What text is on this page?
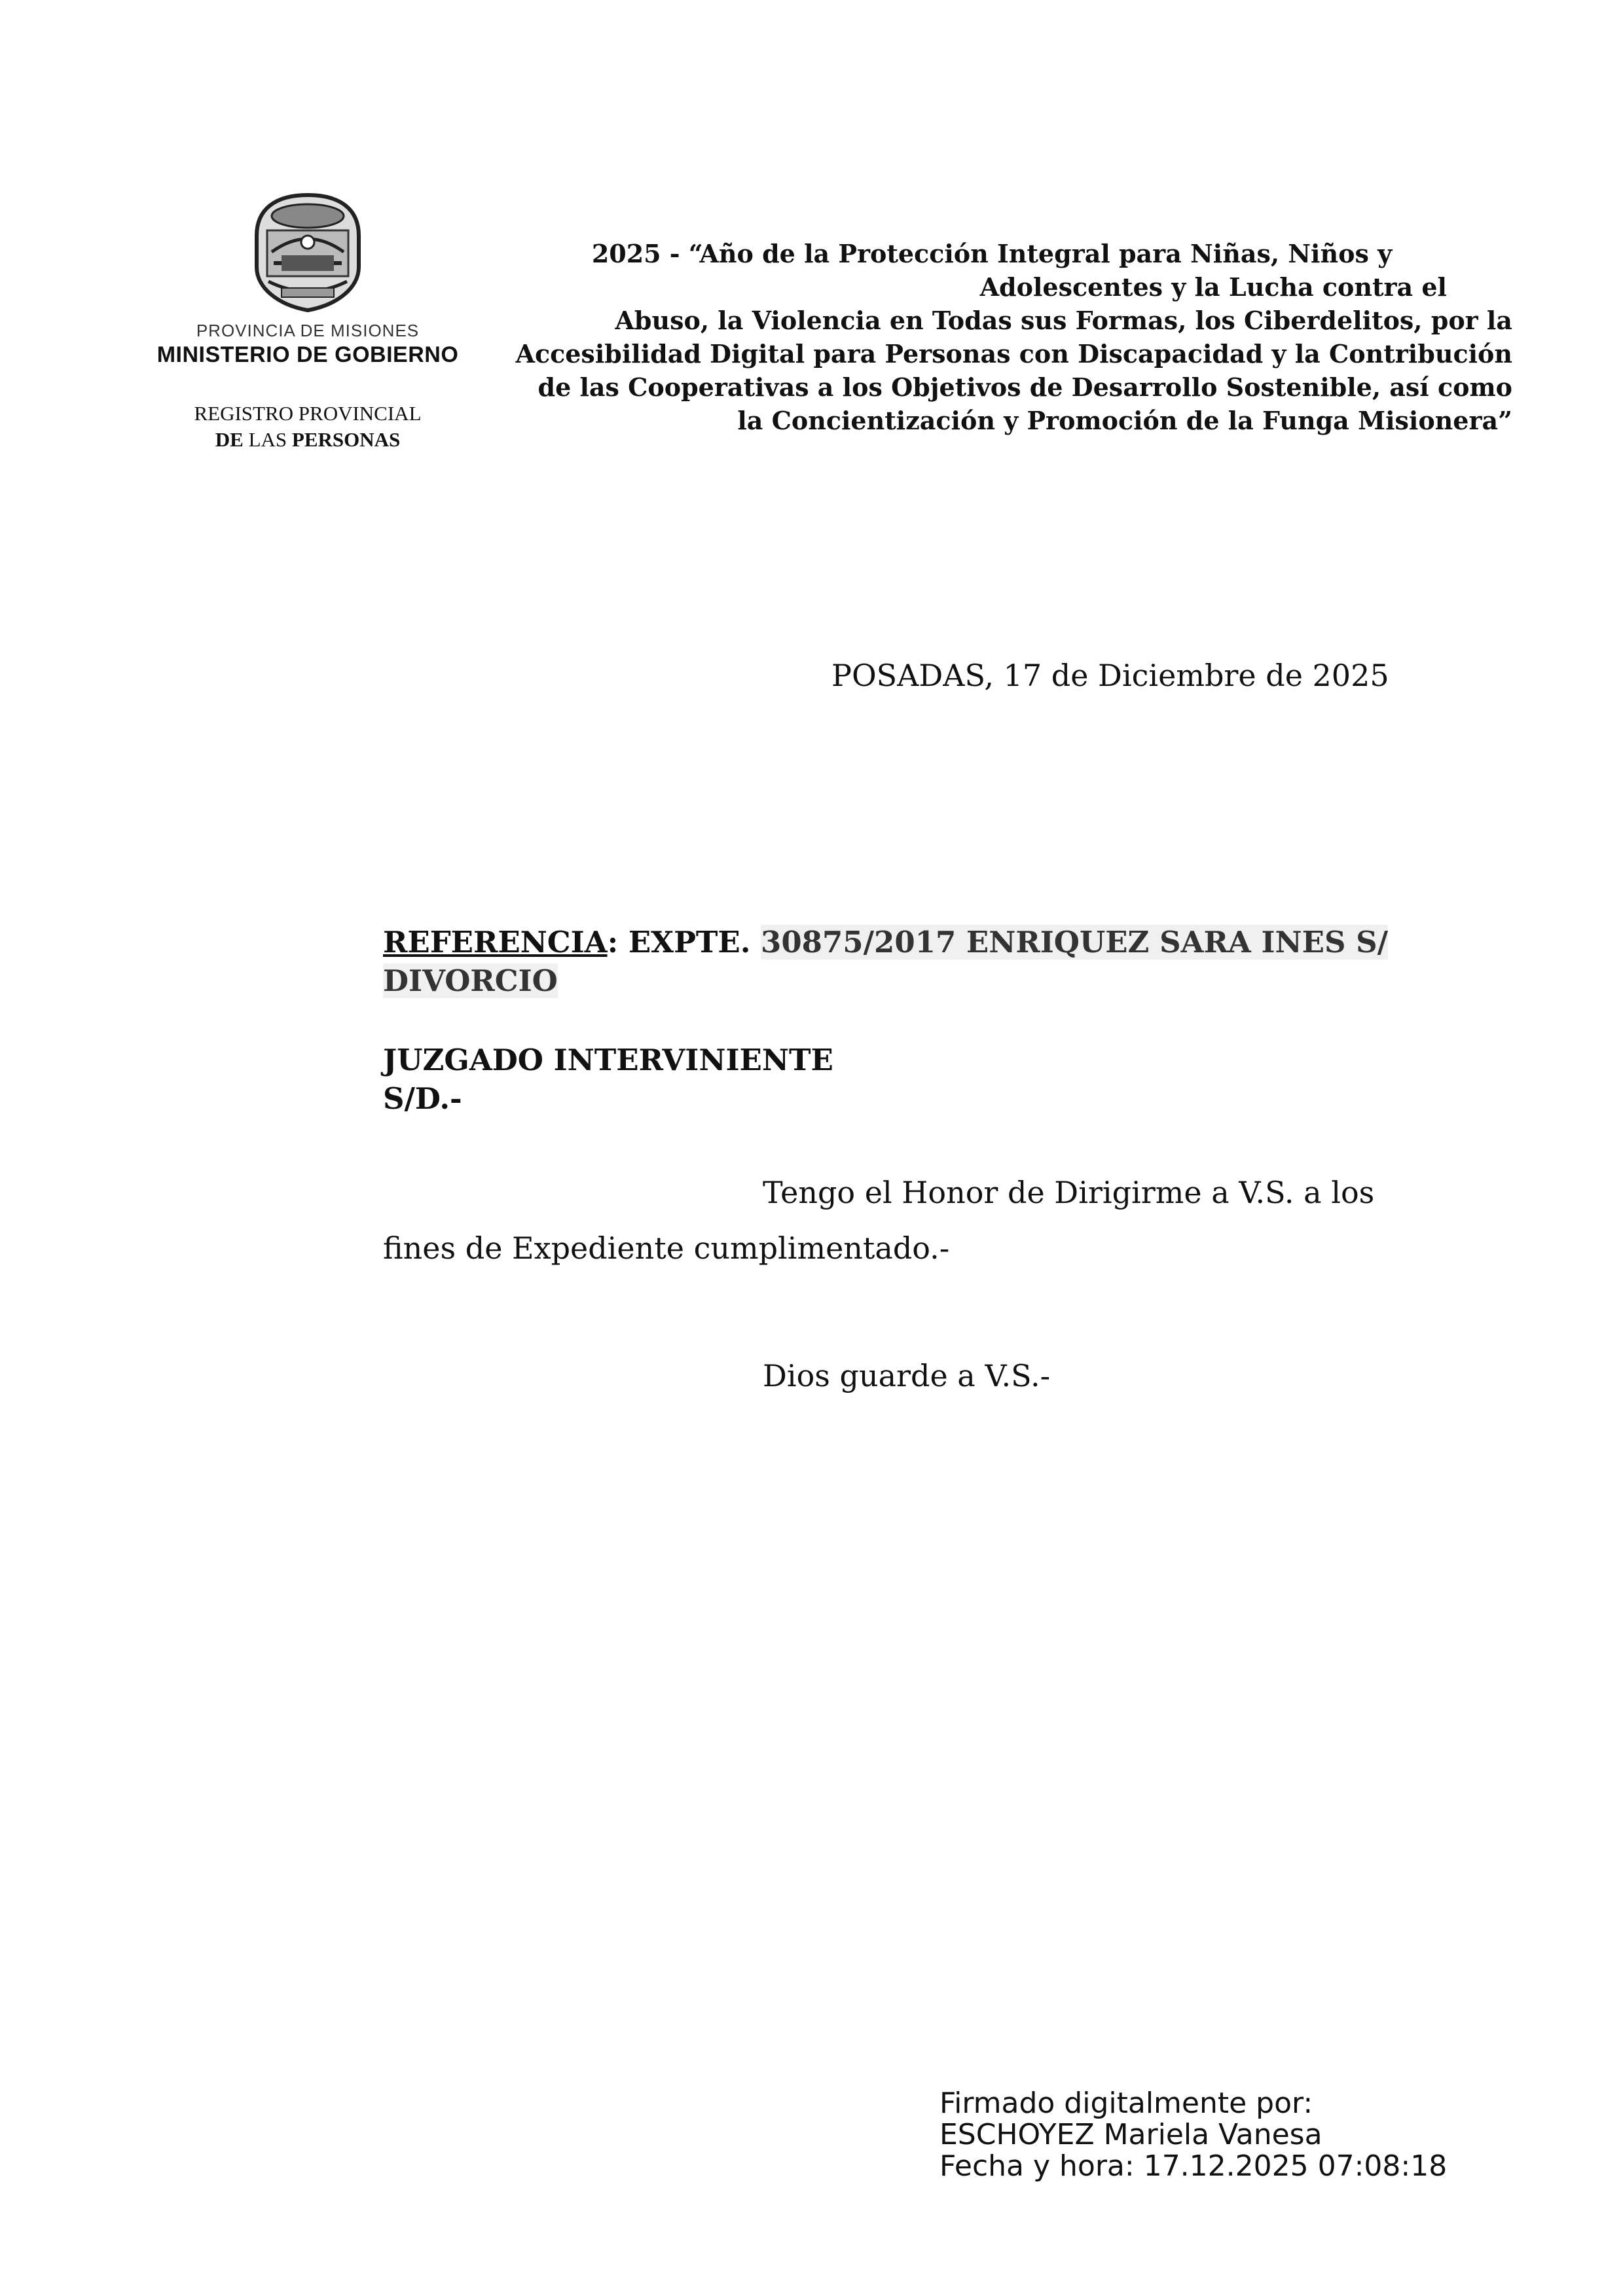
PROVINCIA DE MISIONES
MINISTERIO DE GOBIERNO
REGISTRO PROVINCIAL
DE LAS PERSONAS
2025 - “Año de la Protección Integral para Niñas, Niños y
Adolescentes y la Lucha contra el
Abuso, la Violencia en Todas sus Formas, los Ciberdelitos, por la
Accesibilidad Digital para Personas con Discapacidad y la Contribución
de las Cooperativas a los Objetivos de Desarrollo Sostenible, así como
la Concientización y Promoción de la Funga Misionera”
POSADAS, 17 de Diciembre de 2025
REFERENCIA: EXPTE. 30875/2017 ENRIQUEZ SARA INES S/
DIVORCIO
JUZGADO INTERVINIENTE
S/D.-
Tengo el Honor de Dirigirme a V.S. a los
fines de Expediente cumplimentado.-
Dios guarde a V.S.-
Firmado digitalmente por:
ESCHOYEZ Mariela Vanesa
Fecha y hora: 17.12.2025 07:08:18
